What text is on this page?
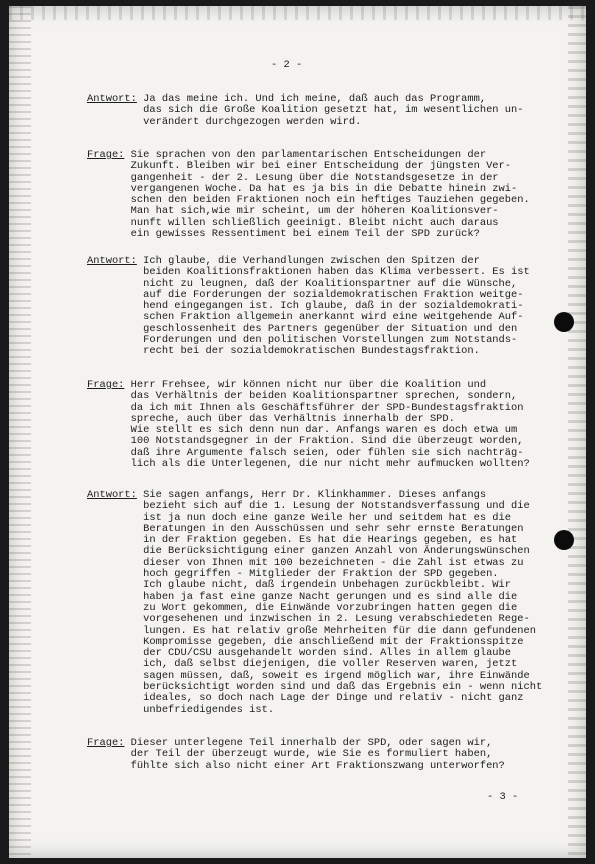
- 2 -
Antwort: Ja das meine ich. Und ich meine, daß auch das Programm,
das sich die Große Koalition gesetzt hat, im wesentlichen un-
verändert durchgezogen werden wird.
Frage: Sie sprachen von den parlamentarischen Entscheidungen der
Zukunft. Bleiben wir bei einer Entscheidung der jüngsten Ver-
gangenheit - der 2. Lesung über die Notstandsgesetze in der
vergangenen Woche. Da hat es ja bis in die Debatte hinein zwi-
schen den beiden Fraktionen noch ein heftiges Tauziehen gegeben.
Man hat sich,wie mir scheint, um der höheren Koalitionsver-
nunft willen schließlich geeinigt. Bleibt nicht auch daraus
ein gewisses Ressentiment bei einem Teil der SPD zurück?
Antwort: Ich glaube, die Verhandlungen zwischen den Spitzen der
beiden Koalitionsfraktionen haben das Klima verbessert. Es ist
nicht zu leugnen, daß der Koalitionspartner auf die Wünsche,
auf die Forderungen der sozialdemokratischen Fraktion weitge-
hend eingegangen ist. Ich glaube, daß in der sozialdemokrati-
schen Fraktion allgemein anerkannt wird eine weitgehende Auf-
geschlossenheit des Partners gegenüber der Situation und den
Forderungen und den politischen Vorstellungen zum Notstands-
recht bei der sozialdemokratischen Bundestagsfraktion.
Frage: Herr Frehsee, wir können nicht nur über die Koalition und
das Verhältnis der beiden Koalitionspartner sprechen, sondern,
da ich mit Ihnen als Geschäftsführer der SPD-Bundestagsfraktion
spreche, auch über das Verhältnis innerhalb der SPD.
Wie stellt es sich denn nun dar. Anfangs waren es doch etwa um
100 Notstandsgegner in der Fraktion. Sind die überzeugt worden,
daß ihre Argumente falsch seien, oder fühlen sie sich nachträg-
lich als die Unterlegenen, die nur nicht mehr aufmucken wollten?
Antwort: Sie sagen anfangs, Herr Dr. Klinkhammer. Dieses anfangs
bezieht sich auf die 1. Lesung der Notstandsverfassung und die
ist ja nun doch eine ganze Weile her und seitdem hat es die
Beratungen in den Ausschüssen und sehr sehr ernste Beratungen
in der Fraktion gegeben. Es hat die Hearings gegeben, es hat
die Berücksichtigung einer ganzen Anzahl von Änderungswünschen
dieser von Ihnen mit 100 bezeichneten - die Zahl ist etwas zu
hoch gegriffen - Mitglieder der Fraktion der SPD gegeben.
Ich glaube nicht, daß irgendein Unbehagen zurückbleibt. Wir
haben ja fast eine ganze Nacht gerungen und es sind alle die
zu Wort gekommen, die Einwände vorzubringen hatten gegen die
vorgesehenen und inzwischen in 2. Lesung verabschiedeten Rege-
lungen. Es hat relativ große Mehrheiten für die dann gefundenen
Kompromisse gegeben, die anschließend mit der Fraktionsspitze
der CDU/CSU ausgehandelt worden sind. Alles in allem glaube
ich, daß selbst diejenigen, die voller Reserven waren, jetzt
sagen müssen, daß, soweit es irgend möglich war, ihre Einwände
berücksichtigt worden sind und daß das Ergebnis ein - wenn nicht
ideales, so doch nach Lage der Dinge und relativ - nicht ganz
unbefriedigendes ist.
Frage: Dieser unterlegene Teil innerhalb der SPD, oder sagen wir,
der Teil der überzeugt wurde, wie Sie es formuliert haben,
fühlte sich also nicht einer Art Fraktionszwang unterworfen?
- 3 -
